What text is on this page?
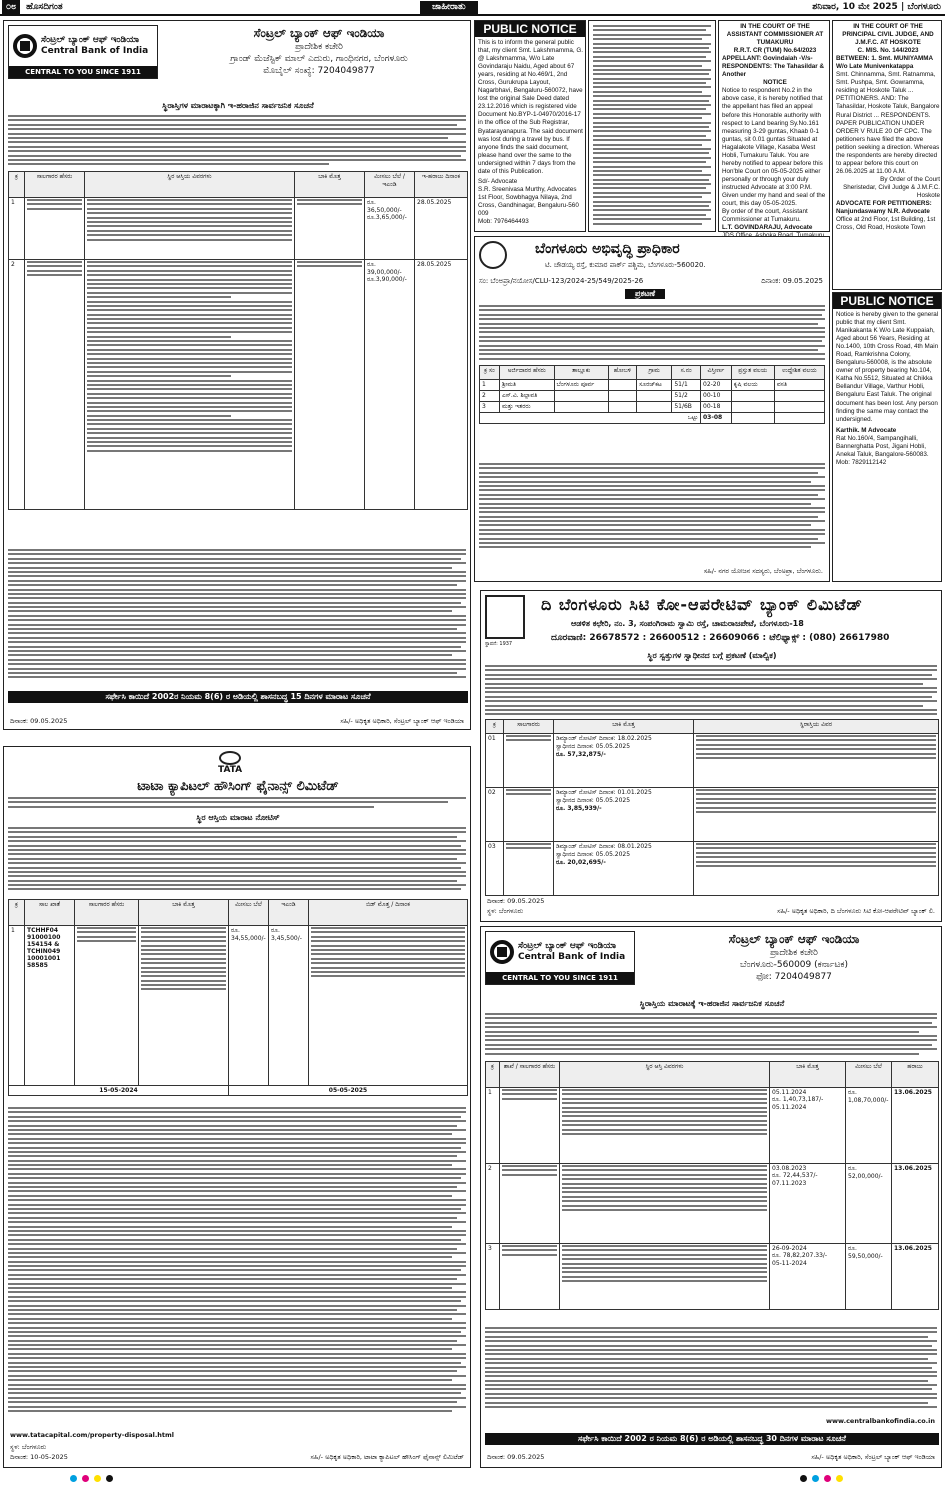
೦೮	ಹೊಸದಿಗಂತ	ಜಾಹೀರಾತು	ಶನಿವಾರ, 10 ಮೇ 2025 | ಬೆಂಗಳೂರು
ಸೆಂಟ್ರಲ್ ಬ್ಯಾಂಕ್ ಆಫ್ ಇಂಡಿಯಾ
Central Bank of India
CENTRAL TO YOU SINCE 1911
ಸೆಂಟ್ರಲ್ ಬ್ಯಾಂಕ್ ಆಫ್ ಇಂಡಿಯಾ
ಪ್ರಾದೇಶಿಕ ಕಚೇರಿ
ಗ್ರಾಂಡ್ ಮೆಜೆಸ್ಟಿಕ್ ಮಾಲ್ ಎದುರು, ಗಾಂಧಿನಗರ, ಬೆಂಗಳೂರು
ಮೊಬೈಲ್ ಸಂಖ್ಯೆ: 7204049877
ಸ್ಥಿರಾಸ್ತಿಗಳ ಮಾರಾಟಕ್ಕಾಗಿ ಇ-ಹರಾಜಿನ ಸಾರ್ವಜನಿಕ ಸೂಚನೆ
ಕ್ರ	ಸಾಲಗಾರರ ಹೆಸರು	ಸ್ಥಿರ ಆಸ್ತಿಯ ವಿವರಗಳು	ಬಾಕಿ ಮೊತ್ತ	ಮೀಸಲು ಬೆಲೆ / ಇಎಂಡಿ	ಇ-ಹರಾಜು ದಿನಾಂಕ
1				ರೂ. 36,50,000/-
ರೂ.3,65,000/-	28.05.2025
2				ರೂ. 39,00,000/-
ರೂ.3,90,000/-	28.05.2025
ಸರ್ಫೇಸಿ ಕಾಯಿದೆ 2002ರ ನಿಯಮ 8(6) ರ ಅಡಿಯಲ್ಲಿ ಶಾಸನಬದ್ಧ 15 ದಿನಗಳ ಮಾರಾಟ ಸೂಚನೆ
ದಿನಾಂಕ: 09.05.2025	ಸಹಿ/- ಅಧಿಕೃತ ಅಧಿಕಾರಿ, ಸೆಂಟ್ರಲ್ ಬ್ಯಾಂಕ್ ಆಫ್ ಇಂಡಿಯಾ
PUBLIC NOTICE
This is to inform the general public that, my client Smt. Lakshmamma, G. @ Lakshmamma, W/o Late Govindaraju Naidu, Aged about 67 years, residing at No.469/1, 2nd Cross, Gurukrupa Layout, Nagarbhavi, Bengaluru-560072, have lost the original Sale Deed dated 23.12.2016 which is registered vide Document No.BYP-1-04970/2016-17 in the office of the Sub Registrar, Byatarayanapura. The said document was lost during a travel by bus. If anyone finds the said document, please hand over the same to the undersigned within 7 days from the date of this Publication.
Sd/- Advocate
S.R. Sreenivasa Murthy, Advocates
1st Floor, Sowbhagya Nilaya, 2nd Cross, Gandhinagar, Bengaluru-560 009
Mob: 7976464493
IN THE COURT OF THE ASSISTANT COMMISSIONER AT TUMAKURU
R.R.T. CR (TUM) No.64/2023
APPELLANT: Govindaiah -V/s-
RESPONDENTS: The Tahasildar & Another
NOTICE
Notice to respondent No.2 in the above case, it is hereby notified that the appellant has filed an appeal before this Honorable authority with respect to Land bearing Sy.No.161 measuring 3-29 guntas, Khaab 0-1 guntas, sit 0.01 guntas Situated at Hagalakote Village, Kasaba West Hobli, Tumakuru Taluk. You are hereby notified to appear before this Hon'ble Court on 05-05-2025 either personally or through your duly instructed Advocate at 3:00 P.M.
Given under my hand and seal of the court, this day 05-05-2025.
By order of the court, Assistant Commissioner at Tumakuru.
L.T. GOVINDARAJU, Advocate
IN THE COURT OF THE PRINCIPAL CIVIL JUDGE, AND J.M.F.C. AT HOSKOTE
C. MIS. No. 144/2023
BETWEEN: 1. Smt. MUNIYAMMA W/o Late Munivenkatappa
Smt. Chinnamma, Smt. Ratnamma, Smt. Pushpa, Smt. Gowramma, residing at Hoskote Taluk ... PETITIONERS. AND: The Tahasildar, Hoskote Taluk, Bangalore Rural District ... RESPONDENTS. PAPER PUBLICATION UNDER ORDER V RULE 20 OF CPC. The petitioners have filed the above petition seeking a direction. Whereas the respondents are hereby directed to appear before this court on 26.06.2025 at 11.00 A.M.
By Order of the Court
Sheristedar, Civil Judge & J.M.F.C. Hoskote
ADVOCATE FOR PETITIONERS: Nanjundaswamy N.R. Advocate
Office at 2nd Floor, 1st Building, 1st Cross, Old Road, Hoskote Town
ಬೆಂಗಳೂರು ಅಭಿವೃದ್ಧಿ ಪ್ರಾಧಿಕಾರ
ಟಿ. ಚೌಡಯ್ಯ ರಸ್ತೆ, ಕುಮಾರ ಪಾರ್ಕ್ ಪಶ್ಚಿಮ, ಬೆಂಗಳೂರು-560020.
ಸಂ: ಬೆಂಅಪ್ರಾ/ನಯೋಸ/CLU-123/2024-25/549/2025-26	ದಿನಾಂಕ: 09.05.2025
ಪ್ರಕಟಣೆ
ಕ್ರ ಸಂ	ಅರ್ಜಿದಾರರ ಹೆಸರು	ತಾಲ್ಲೂಕು	ಹೋಬಳಿ	ಗ್ರಾಮ	ಸ.ನಂ	ವಿಸ್ತೀರ್ಣ	ಪ್ರಸ್ತುತ ವಲಯ	ಉದ್ದೇಶಿತ ವಲಯ
1	ಶ್ರೀಮತಿ	ಬೆಂಗಳೂರು ಪೂರ್ವ		ಸೂರಜ್‌ಕಟ	51/1	02-20	ಕೃಷಿ ವಲಯ	ವಸತಿ
2	ಎಸ್.ವಿ. ಶಿಲ್ಪಾವತಿ				51/2	00-10		
3	ಮತ್ತು ಇತರರು				51/6B	00-18		
ಒಟ್ಟು						03-08		
ಸಹಿ/- ನಗರ ಯೋಜನ ಸದಸ್ಯರು, ಬೆಂಅಪ್ರಾ, ಬೆಂಗಳೂರು.
PUBLIC NOTICE
Notice is hereby given to the general public that my client Smt. Manikakanta K W/o Late Kuppaiah, Aged about 56 Years, Residing at No.1400, 10th Cross Road, 4th Main Road, Ramkrishna Colony, Bengaluru-560008, is the absolute owner of property bearing No.104, Katha No.5512, Situated at Chikka Bellandur Village, Varthur Hobli, Bengaluru East Taluk. The original document has been lost. Any person finding the same may contact the undersigned.
Karthik. M Advocate
Rat No.160/4, Sampangihalli, Bannerghatta Post, Jigani Hobli, Anekal Taluk, Bangalore-560083.
Mob: 7829112142
ಸ್ಥಾಪನೆ: 1937
ದಿ ಬೆಂಗಳೂರು ಸಿಟಿ ಕೋ-ಆಪರೇಟಿವ್ ಬ್ಯಾಂಕ್ ಲಿಮಿಟೆಡ್
ಆಡಳಿತ ಕಛೇರಿ, ನಂ. 3, ಸಂಪಂಗಿರಾಮ ಸ್ವಾಮಿ ರಸ್ತೆ, ಚಾಮರಾಜಪೇಟೆ, ಬೆಂಗಳೂರು-18
ದೂರವಾಣಿ: 26678572 : 26600512 : 26609066 : ಟೆಲಿಫ್ಯಾಕ್ಸ್ : (080) 26617980
ಸ್ಥಿರ ಸ್ವತ್ತುಗಳ ಸ್ವಾಧೀನದ ಬಗ್ಗೆ ಪ್ರಕಟಣೆ (ಮಾಲ್ವಿಕ)
ಕ್ರ	ಸಾಲಗಾರರು	ಬಾಕಿ ಮೊತ್ತ	ಸ್ಥಿರಾಸ್ತಿಯ ವಿವರ
01		ಡಿಮ್ಯಾಂಡ್ ನೋಟಿಸ್ ದಿನಾಂಕ: 18.02.2025
ಸ್ವಾಧೀನದ ದಿನಾಂಕ: 05.05.2025
ರೂ. 57,32,875/-	

02		ಡಿಮ್ಯಾಂಡ್ ನೋಟಿಸ್ ದಿನಾಂಕ: 01.01.2025
ಸ್ವಾಧೀನದ ದಿನಾಂಕ: 05.05.2025
ರೂ. 3,85,939/-	

03		ಡಿಮ್ಯಾಂಡ್ ನೋಟಿಸ್ ದಿನಾಂಕ: 08.01.2025
ಸ್ವಾಧೀನದ ದಿನಾಂಕ: 05.05.2025
ರೂ. 20,02,695/-	

ದಿನಾಂಕ: 09.05.2025
ಸ್ಥಳ: ಬೆಂಗಳೂರು	ಸಹಿ/- ಅಧಿಕೃತ ಅಧಿಕಾರಿ, ದಿ ಬೆಂಗಳೂರು ಸಿಟಿ ಕೋ-ಆಪರೇಟಿವ್ ಬ್ಯಾಂಕ್ ಲಿ.
TATA
ಟಾಟಾ ಕ್ಯಾಪಿಟಲ್ ಹೌಸಿಂಗ್ ಫೈನಾನ್ಸ್ ಲಿಮಿಟೆಡ್
ಸ್ಥಿರ ಆಸ್ತಿಯ ಮಾರಾಟ ನೋಟಿಸ್
ಕ್ರ	ಸಾಲ ಖಾತೆ	ಸಾಲಗಾರರ ಹೆಸರು	ಬಾಕಿ ಮೊತ್ತ	ಮೀಸಲು ಬೆಲೆ	ಇಎಂಡಿ	ಬಿಡ್ ಮೊತ್ತ / ದಿನಾಂಕ
1	TCHHF04 91000100 154154 & TCHIN049 10001001 58585			ರೂ. 34,55,000/-	ರೂ. 3,45,500/-	

15-05-2024				05-05-2025		
www.tatacapital.com/property-disposal.html
ಸ್ಥಳ: ಬೆಂಗಳೂರು
ದಿನಾಂಕ: 10-05-2025	ಸಹಿ/- ಅಧಿಕೃತ ಅಧಿಕಾರಿ, ಟಾಟಾ ಕ್ಯಾಪಿಟಲ್ ಹೌಸಿಂಗ್ ಫೈನಾನ್ಸ್ ಲಿಮಿಟೆಡ್
ಸೆಂಟ್ರಲ್ ಬ್ಯಾಂಕ್ ಆಫ್ ಇಂಡಿಯಾ
Central Bank of India
CENTRAL TO YOU SINCE 1911
ಸೆಂಟ್ರಲ್ ಬ್ಯಾಂಕ್ ಆಫ್ ಇಂಡಿಯಾ
ಪ್ರಾದೇಶಿಕ ಕಚೇರಿ
ಬೆಂಗಳೂರು-560009 (ಕರ್ನಾಟಕ)
ಫೋ: 7204049877
ಸ್ಥಿರಾಸ್ತಿಯ ಮಾರಾಟಕ್ಕೆ ಇ-ಹರಾಜಿನ ಸಾರ್ವಜನಿಕ ಸೂಚನೆ
ಕ್ರ	ಶಾಖೆ / ಸಾಲಗಾರರ ಹೆಸರು	ಸ್ಥಿರ ಆಸ್ತಿ ವಿವರಗಳು	ಬಾಕಿ ಮೊತ್ತ	ಮೀಸಲು ಬೆಲೆ	ಹರಾಜು
1			05.11.2024
ರೂ. 1,40,73,187/-
05.11.2024	ರೂ. 1,08,70,000/-	13.06.2025
2			03.08.2023
ರೂ. 72,44,537/-
07.11.2023	ರೂ. 52,00,000/-	13.06.2025
3			26-09-2024
ರೂ. 78,82,207.33/-
05-11-2024	ರೂ. 59,50,000/-	13.06.2025
www.centralbankofindia.co.in
ಸರ್ಫೇಸಿ ಕಾಯಿದೆ 2002 ರ ನಿಯಮ 8(6) ರ ಅಡಿಯಲ್ಲಿ ಶಾಸನಬದ್ಧ 30 ದಿನಗಳ ಮಾರಾಟ ಸೂಚನೆ
ದಿನಾಂಕ: 09.05.2025	ಸಹಿ/- ಅಧಿಕೃತ ಅಧಿಕಾರಿ, ಸೆಂಟ್ರಲ್ ಬ್ಯಾಂಕ್ ಆಫ್ ಇಂಡಿಯಾ
